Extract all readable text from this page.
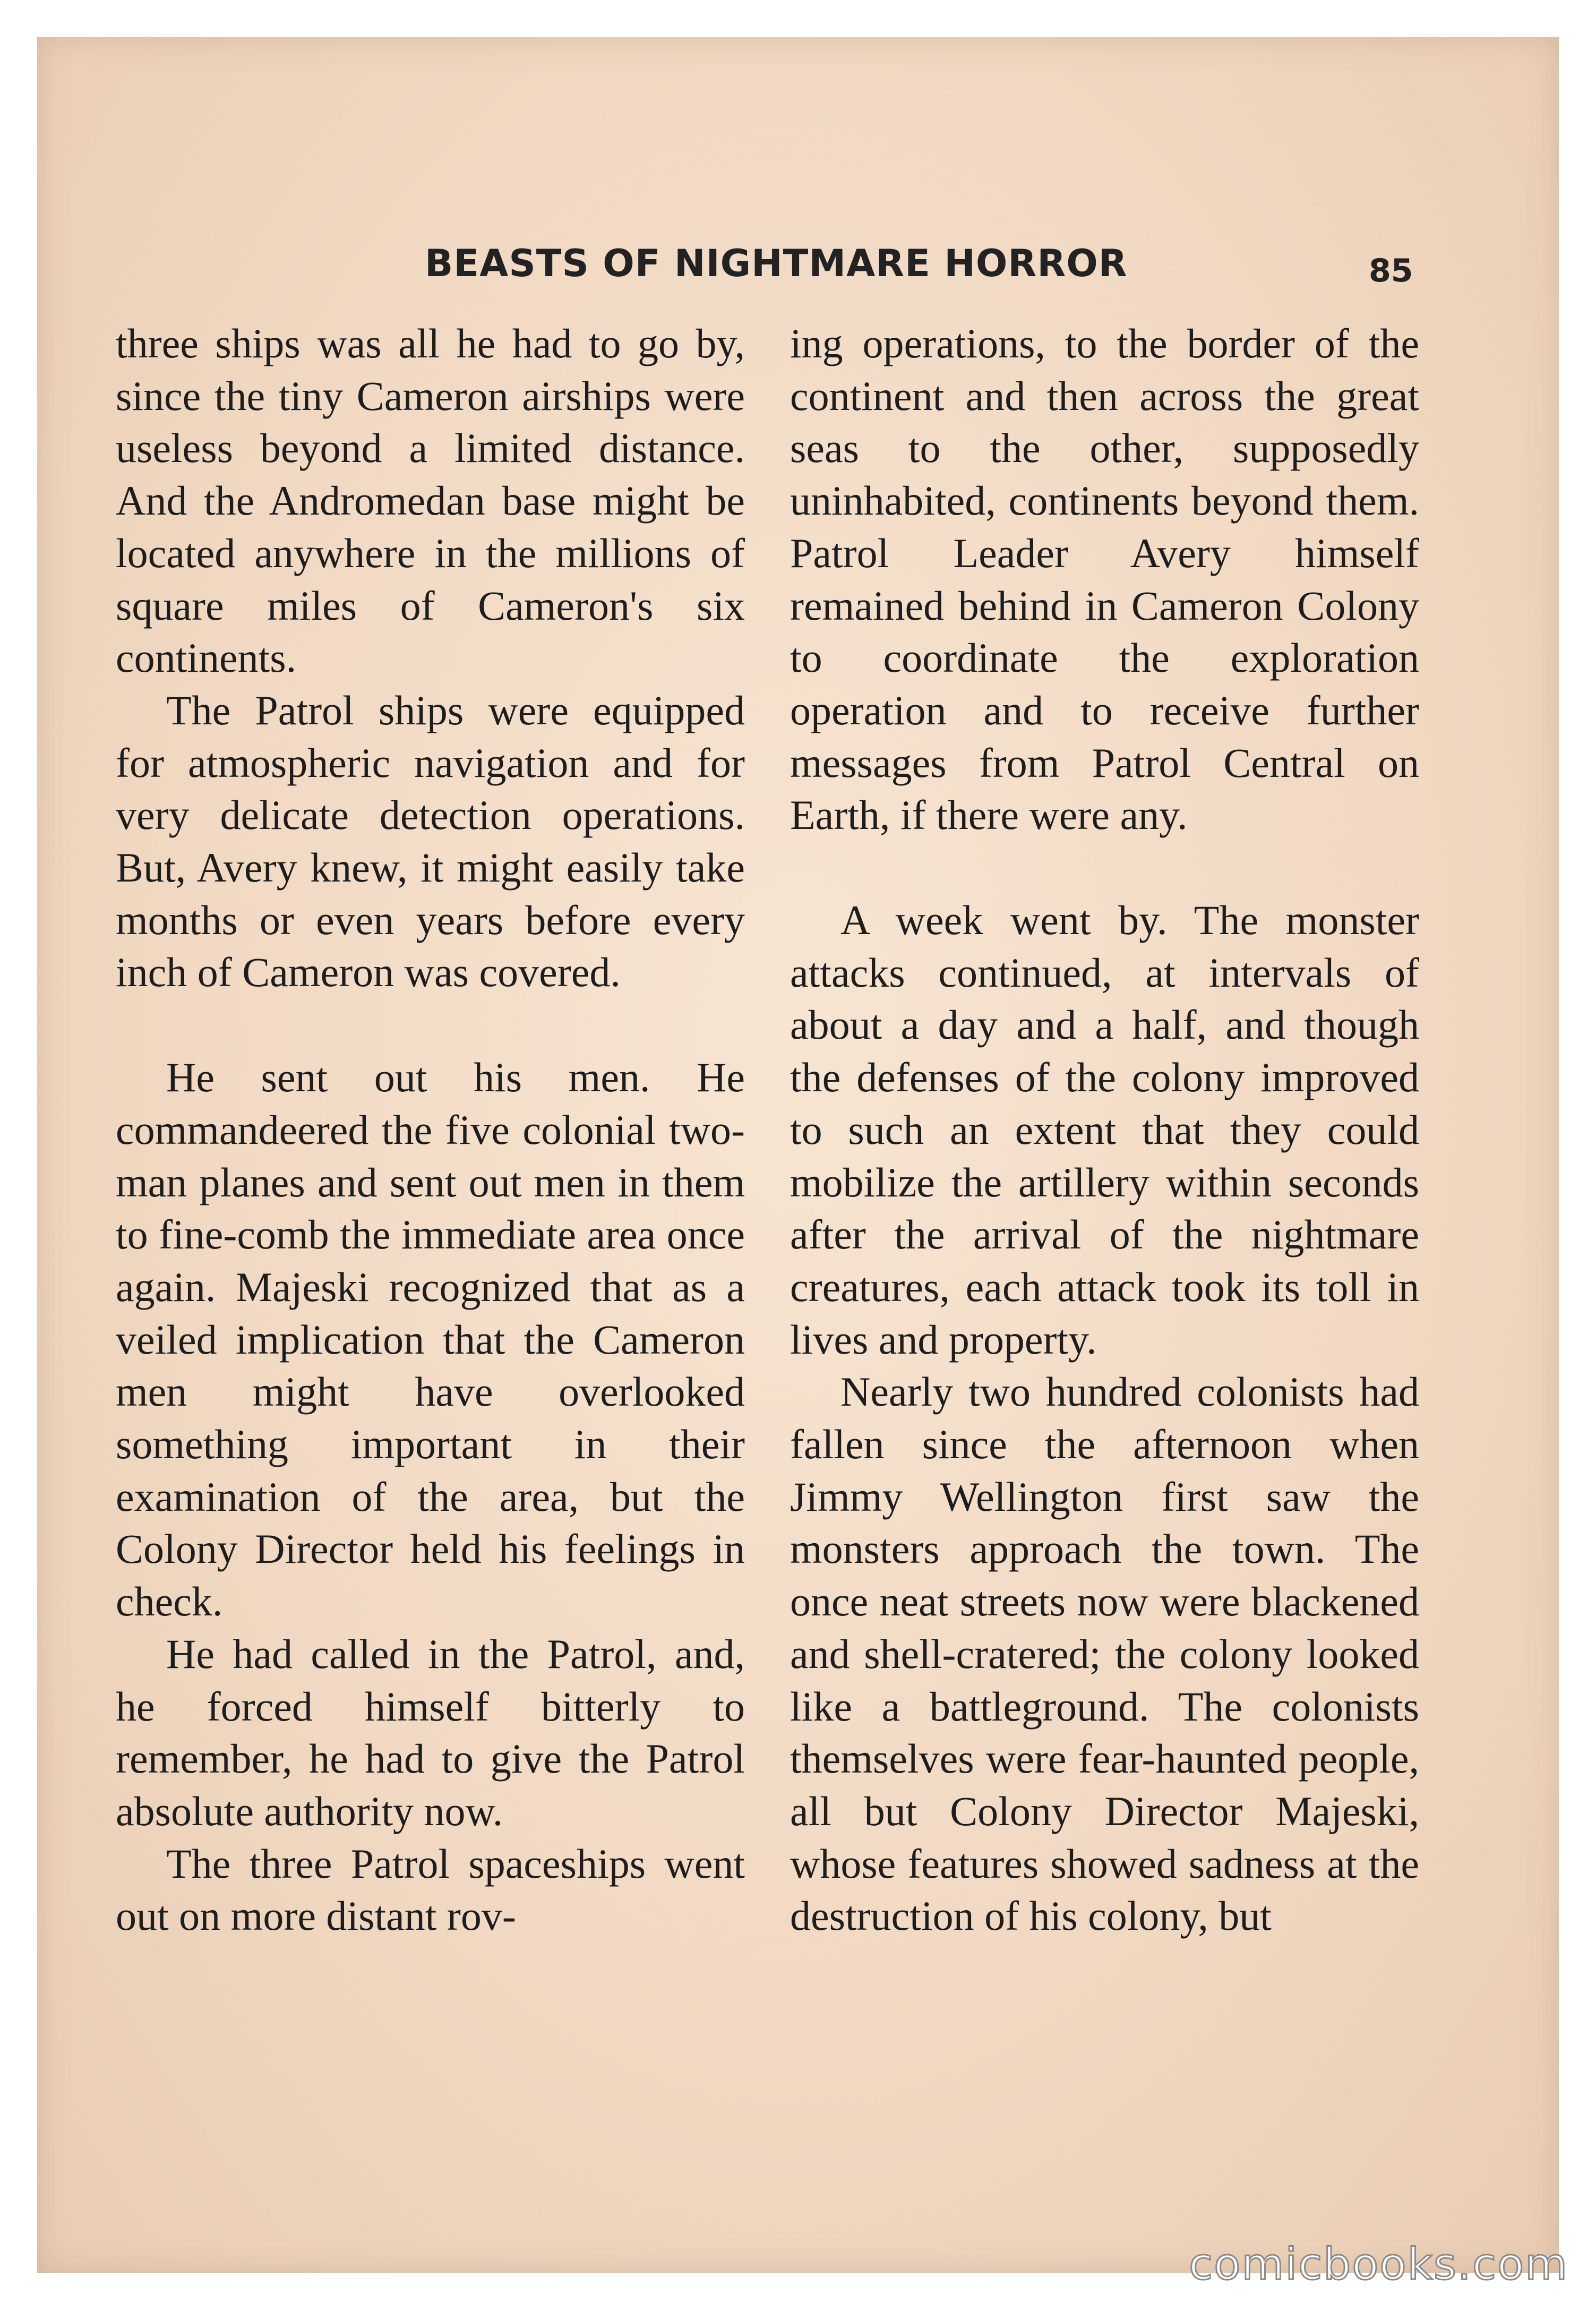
BEASTS OF NIGHTMARE HORROR	85

three ships was all he had to go by, since the tiny Cameron airships were useless beyond a limited distance. And the Andromedan base might be located anywhere in the millions of square miles of Cameron's six continents.

The Patrol ships were equipped for atmospheric navigation and for very delicate detection operations. But, Avery knew, it might easily take months or even years before every inch of Cameron was covered.

He sent out his men. He commandeered the five colonial two-man planes and sent out men in them to fine-comb the immediate area once again. Majeski recognized that as a veiled implication that the Cameron men might have overlooked something important in their examination of the area, but the Colony Director held his feelings in check.

He had called in the Patrol, and, he forced himself bitterly to remember, he had to give the Patrol absolute authority now.

The three Patrol spaceships went out on more distant rov-

ing operations, to the border of the continent and then across the great seas to the other, supposedly uninhabited, continents beyond them. Patrol Leader Avery himself remained behind in Cameron Colony to coordinate the exploration operation and to receive further messages from Patrol Central on Earth, if there were any.

A week went by. The monster attacks continued, at intervals of about a day and a half, and though the defenses of the colony improved to such an extent that they could mobilize the artillery within seconds after the arrival of the nightmare creatures, each attack took its toll in lives and property.

Nearly two hundred colonists had fallen since the afternoon when Jimmy Wellington first saw the monsters approach the town. The once neat streets now were blackened and shell-cratered; the colony looked like a battleground. The colonists themselves were fear-haunted people, all but Colony Director Majeski, whose features showed sadness at the destruction of his colony, but

comicbooks.com
